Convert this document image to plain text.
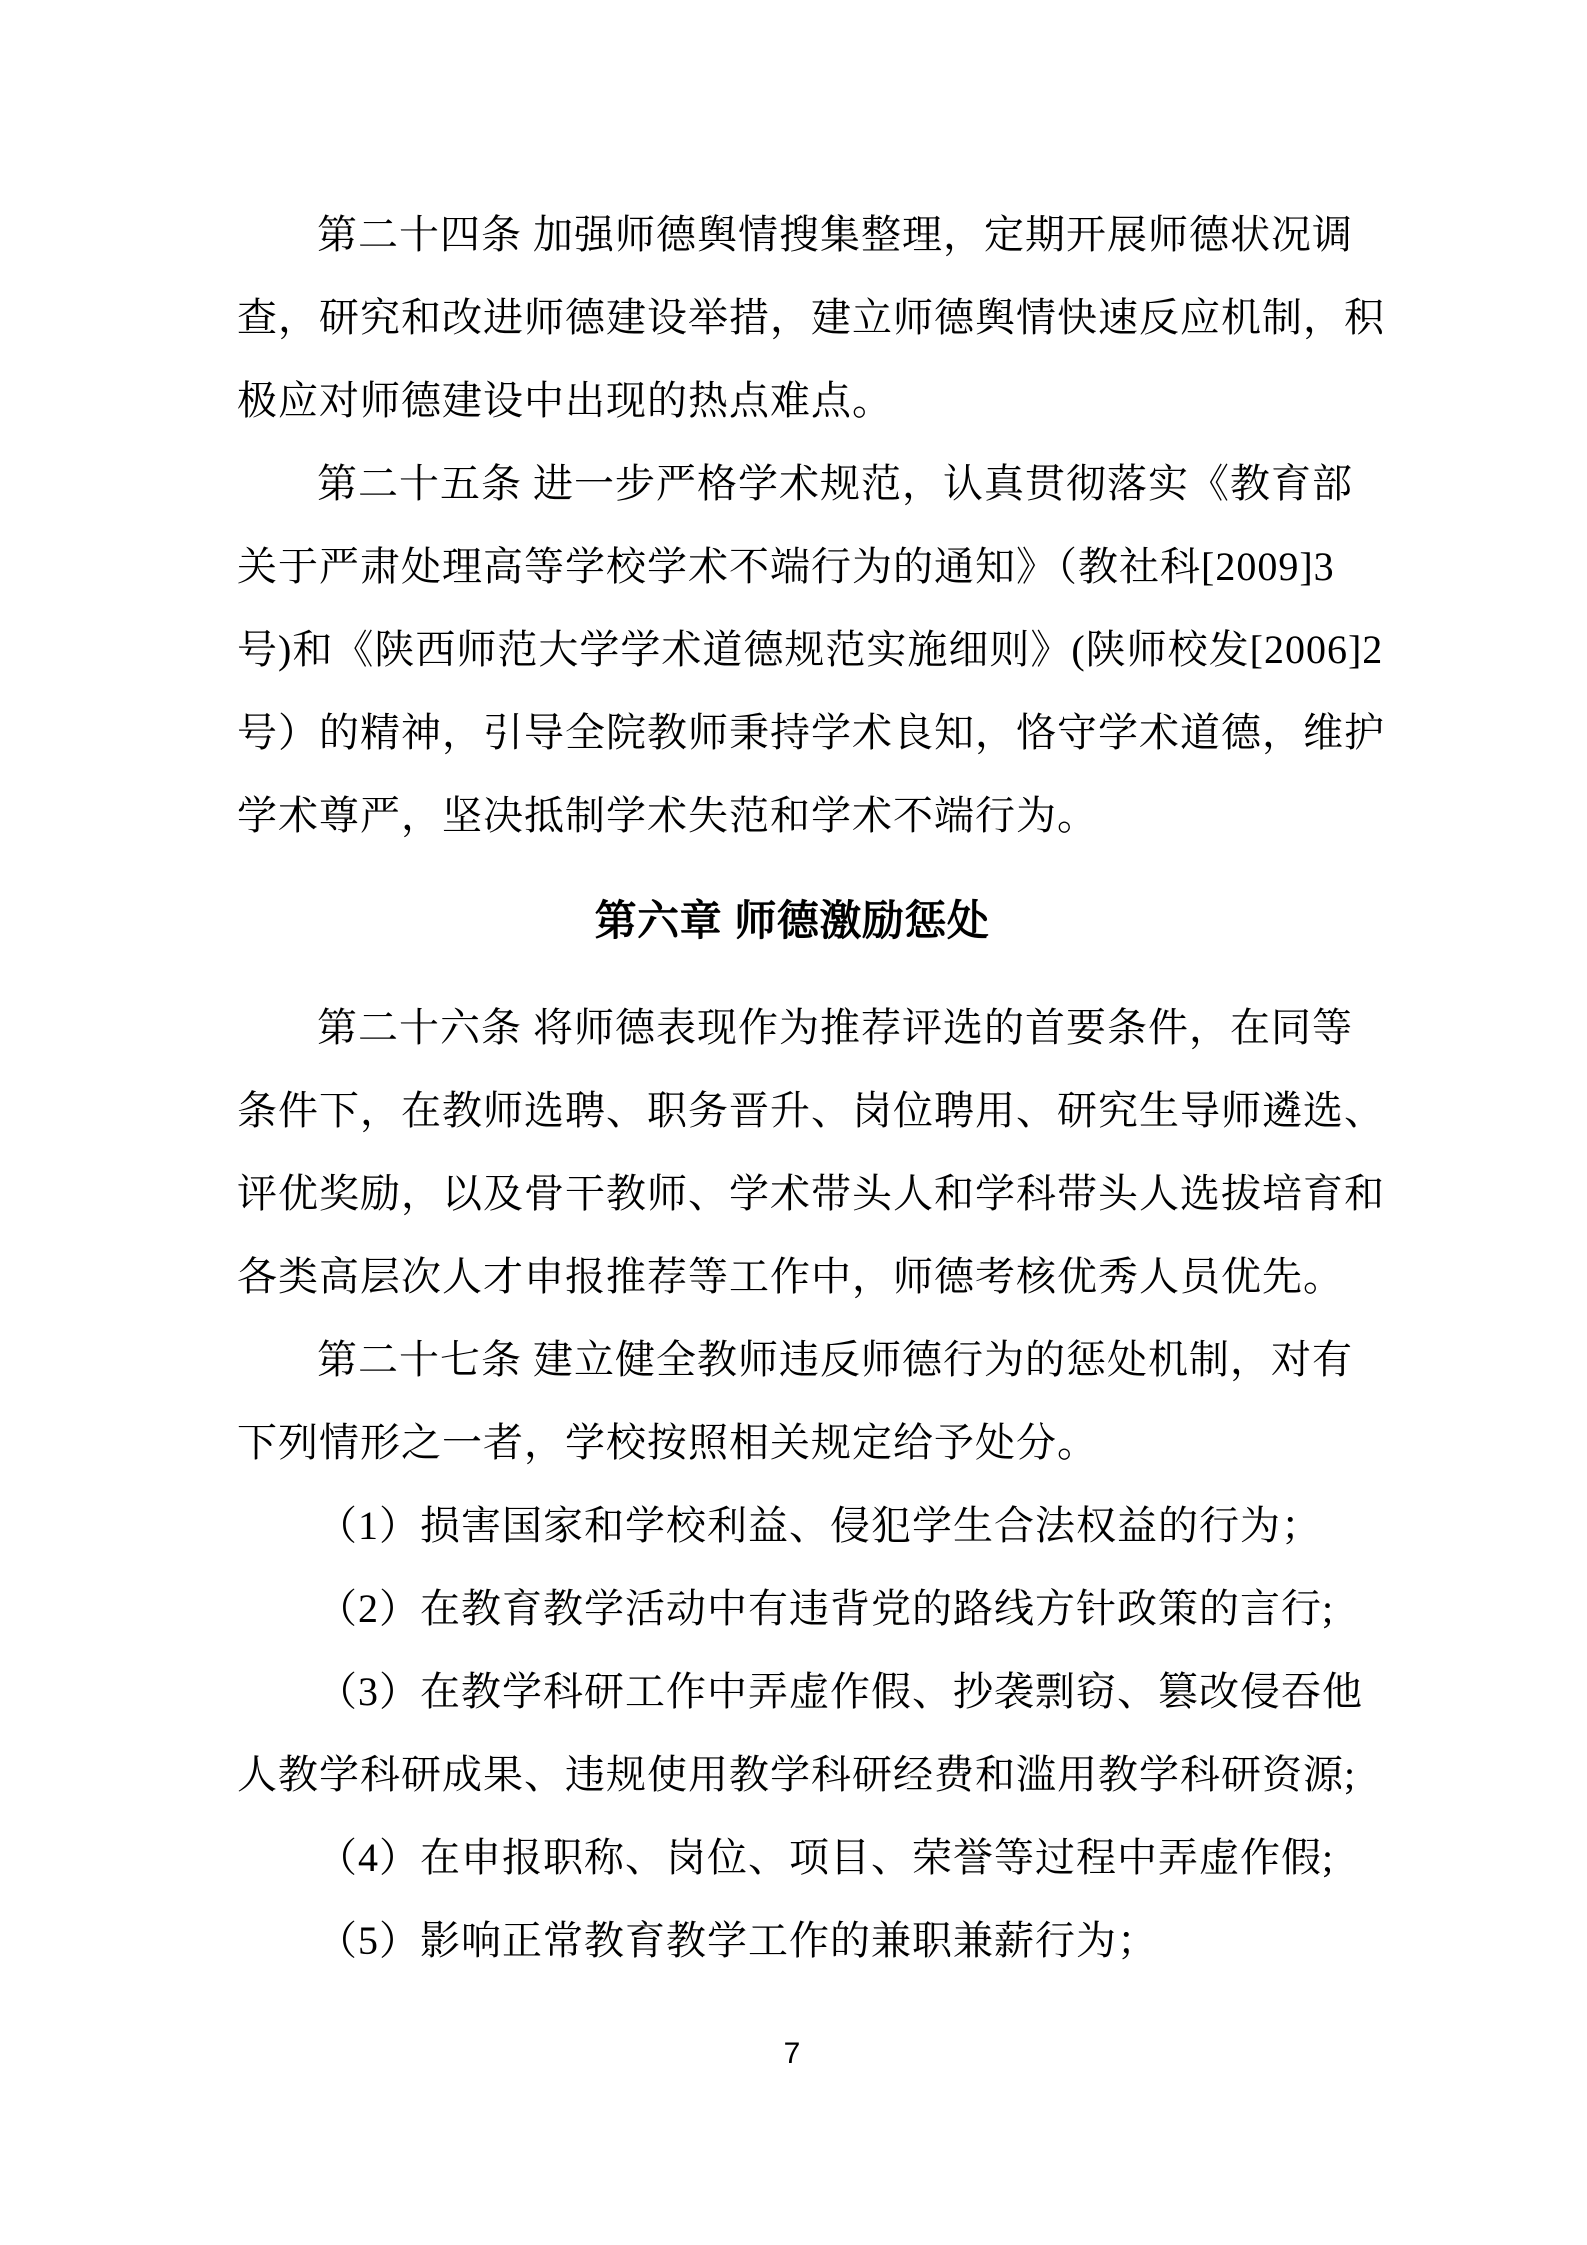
第二十四条 加强师德舆情搜集整理，定期开展师德状况调
查，研究和改进师德建设举措，建立师德舆情快速反应机制，积
极应对师德建设中出现的热点难点。
第二十五条 进一步严格学术规范，认真贯彻落实《教育部
关于严肃处理高等学校学术不端行为的通知》（教社科[2009]3
号)和《陕西师范大学学术道德规范实施细则》(陕师校发[2006]2
号）的精神，引导全院教师秉持学术良知，恪守学术道德，维护
学术尊严，坚决抵制学术失范和学术不端行为。
第六章 师德激励惩处
第二十六条 将师德表现作为推荐评选的首要条件，在同等
条件下，在教师选聘、职务晋升、岗位聘用、研究生导师遴选、
评优奖励，以及骨干教师、学术带头人和学科带头人选拔培育和
各类高层次人才申报推荐等工作中，师德考核优秀人员优先。
第二十七条 建立健全教师违反师德行为的惩处机制，对有
下列情形之一者，学校按照相关规定给予处分。
（1）损害国家和学校利益、侵犯学生合法权益的行为；
（2）在教育教学活动中有违背党的路线方针政策的言行;
（3）在教学科研工作中弄虚作假、抄袭剽窃、篡改侵吞他
人教学科研成果、违规使用教学科研经费和滥用教学科研资源;
（4）在申报职称、岗位、项目、荣誉等过程中弄虚作假;
（5）影响正常教育教学工作的兼职兼薪行为；
7
